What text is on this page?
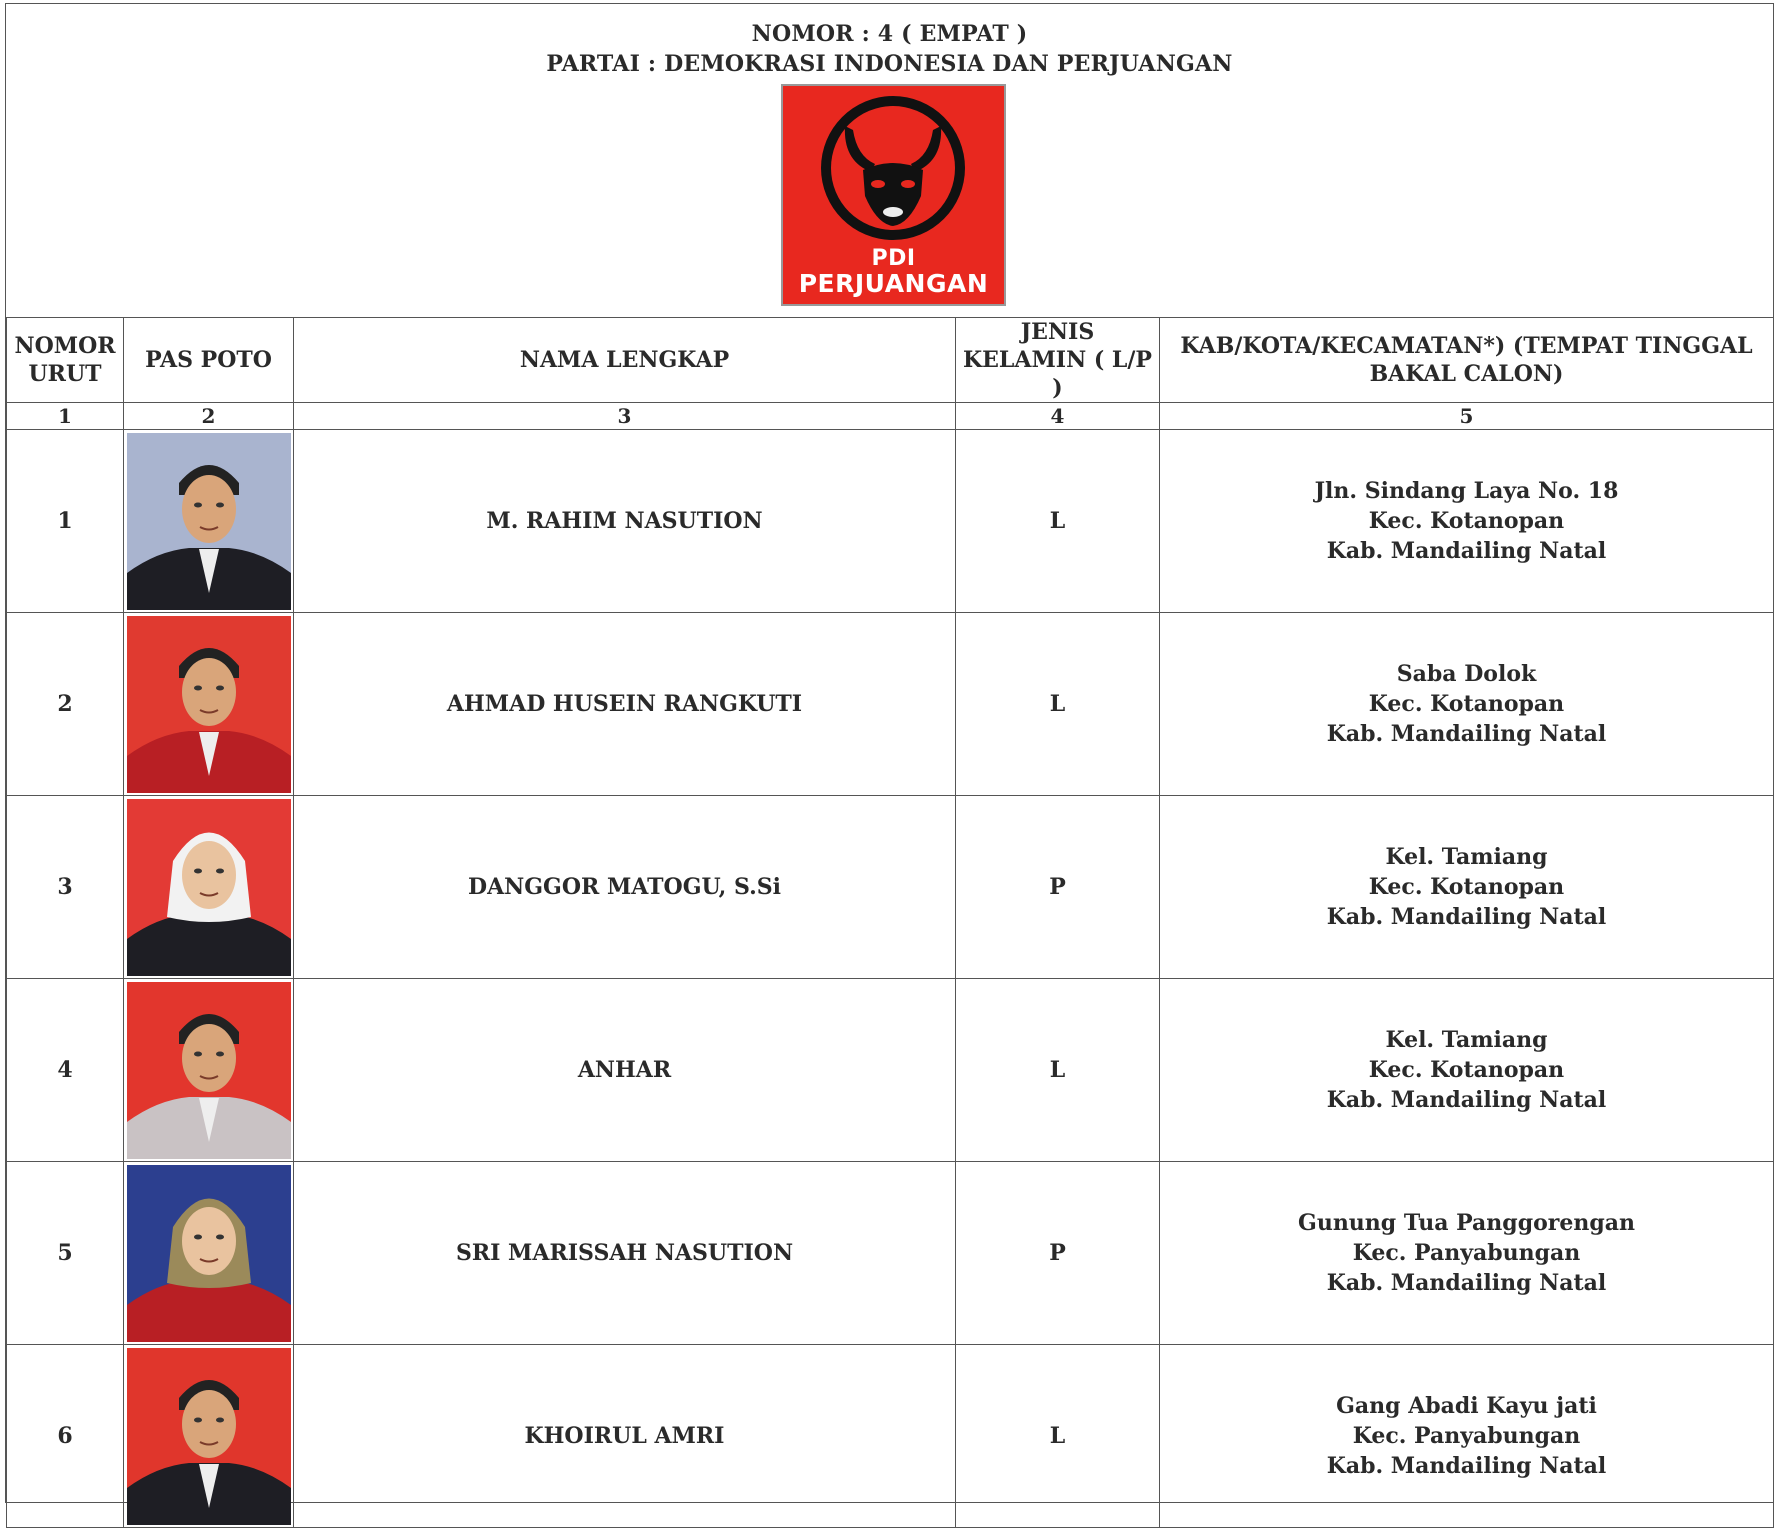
NOMOR : 4 ( EMPAT )
PARTAI : DEMOKRASI INDONESIA DAN PERJUANGAN
PDI
PERJUANGAN
NOMOR URUT	PAS POTO	NAMA LENGKAP	JENIS KELAMIN ( L/P )	KAB/KOTA/KECAMATAN*) (TEMPAT TINGGAL BAKAL CALON)
1	2	3	4	5
1		M. RAHIM NASUTION	L	Jln. Sindang Laya No. 18
Kec. Kotanopan
Kab. Mandailing Natal

2		AHMAD HUSEIN RANGKUTI	L	Saba Dolok
Kec. Kotanopan
Kab. Mandailing Natal

3		DANGGOR MATOGU, S.Si	P	Kel. Tamiang
Kec. Kotanopan
Kab. Mandailing Natal

4		ANHAR	L	Kel. Tamiang
Kec. Kotanopan
Kab. Mandailing Natal

5		SRI MARISSAH NASUTION	P	Gunung Tua Panggorengan
Kec. Panyabungan
Kab. Mandailing Natal

6		KHOIRUL AMRI	L	Gang Abadi Kayu jati
Kec. Panyabungan
Kab. Mandailing Natal
